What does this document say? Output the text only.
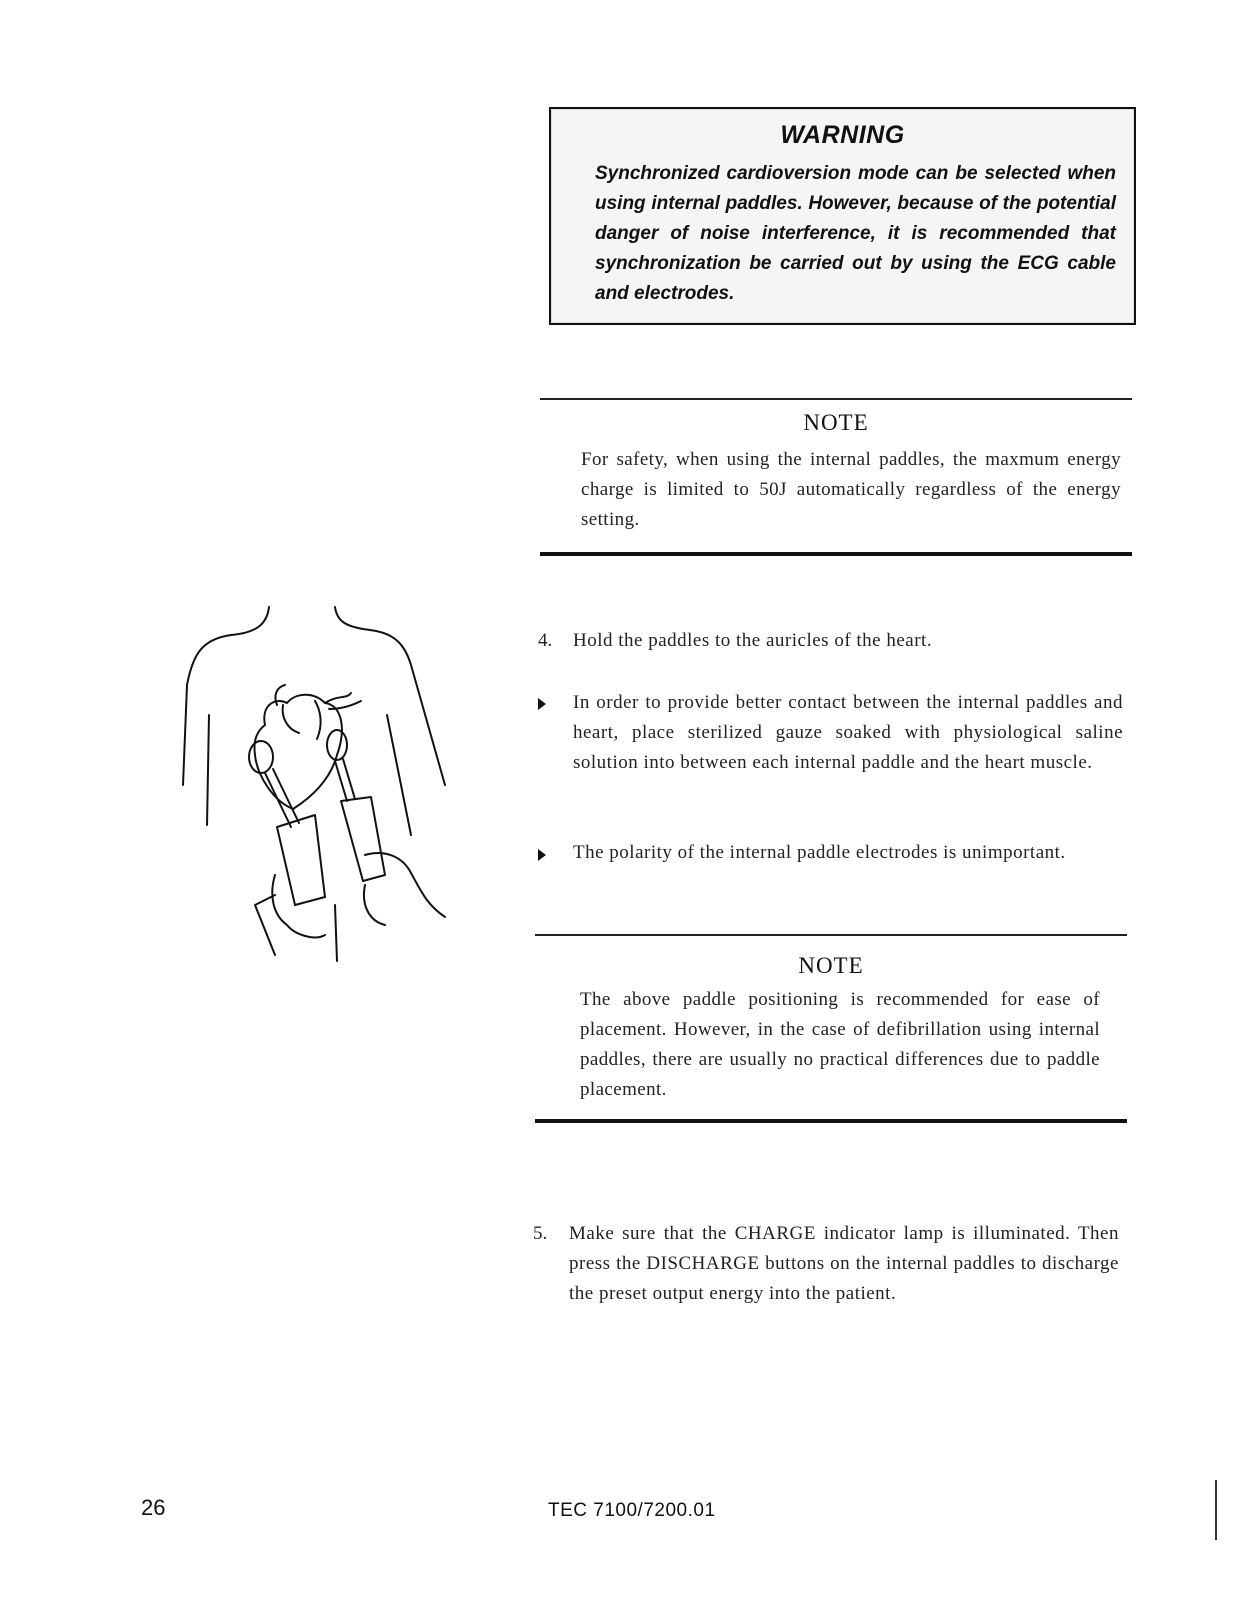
WARNING
Synchronized cardioversion mode can be selected when using internal paddles. However, because of the potential danger of noise interference, it is recommended that synchronization be carried out by using the ECG cable and electrodes.
NOTE
For safety, when using the internal paddles, the maxmum energy charge is limited to 50J automatically regardless of the energy setting.
4. Hold the paddles to the auricles of the heart.
In order to provide better contact between the internal paddles and heart, place sterilized gauze soaked with physiological saline solution into between each internal paddle and the heart muscle.
The polarity of the internal paddle electrodes is unimportant.
NOTE
The above paddle positioning is recommended for ease of placement. However, in the case of defibrillation using internal paddles, there are usually no practical differences due to paddle placement.
5. Make sure that the CHARGE indicator lamp is illuminated. Then press the DISCHARGE buttons on the internal paddles to discharge the preset output energy into the patient.
26	TEC 7100/7200.01
